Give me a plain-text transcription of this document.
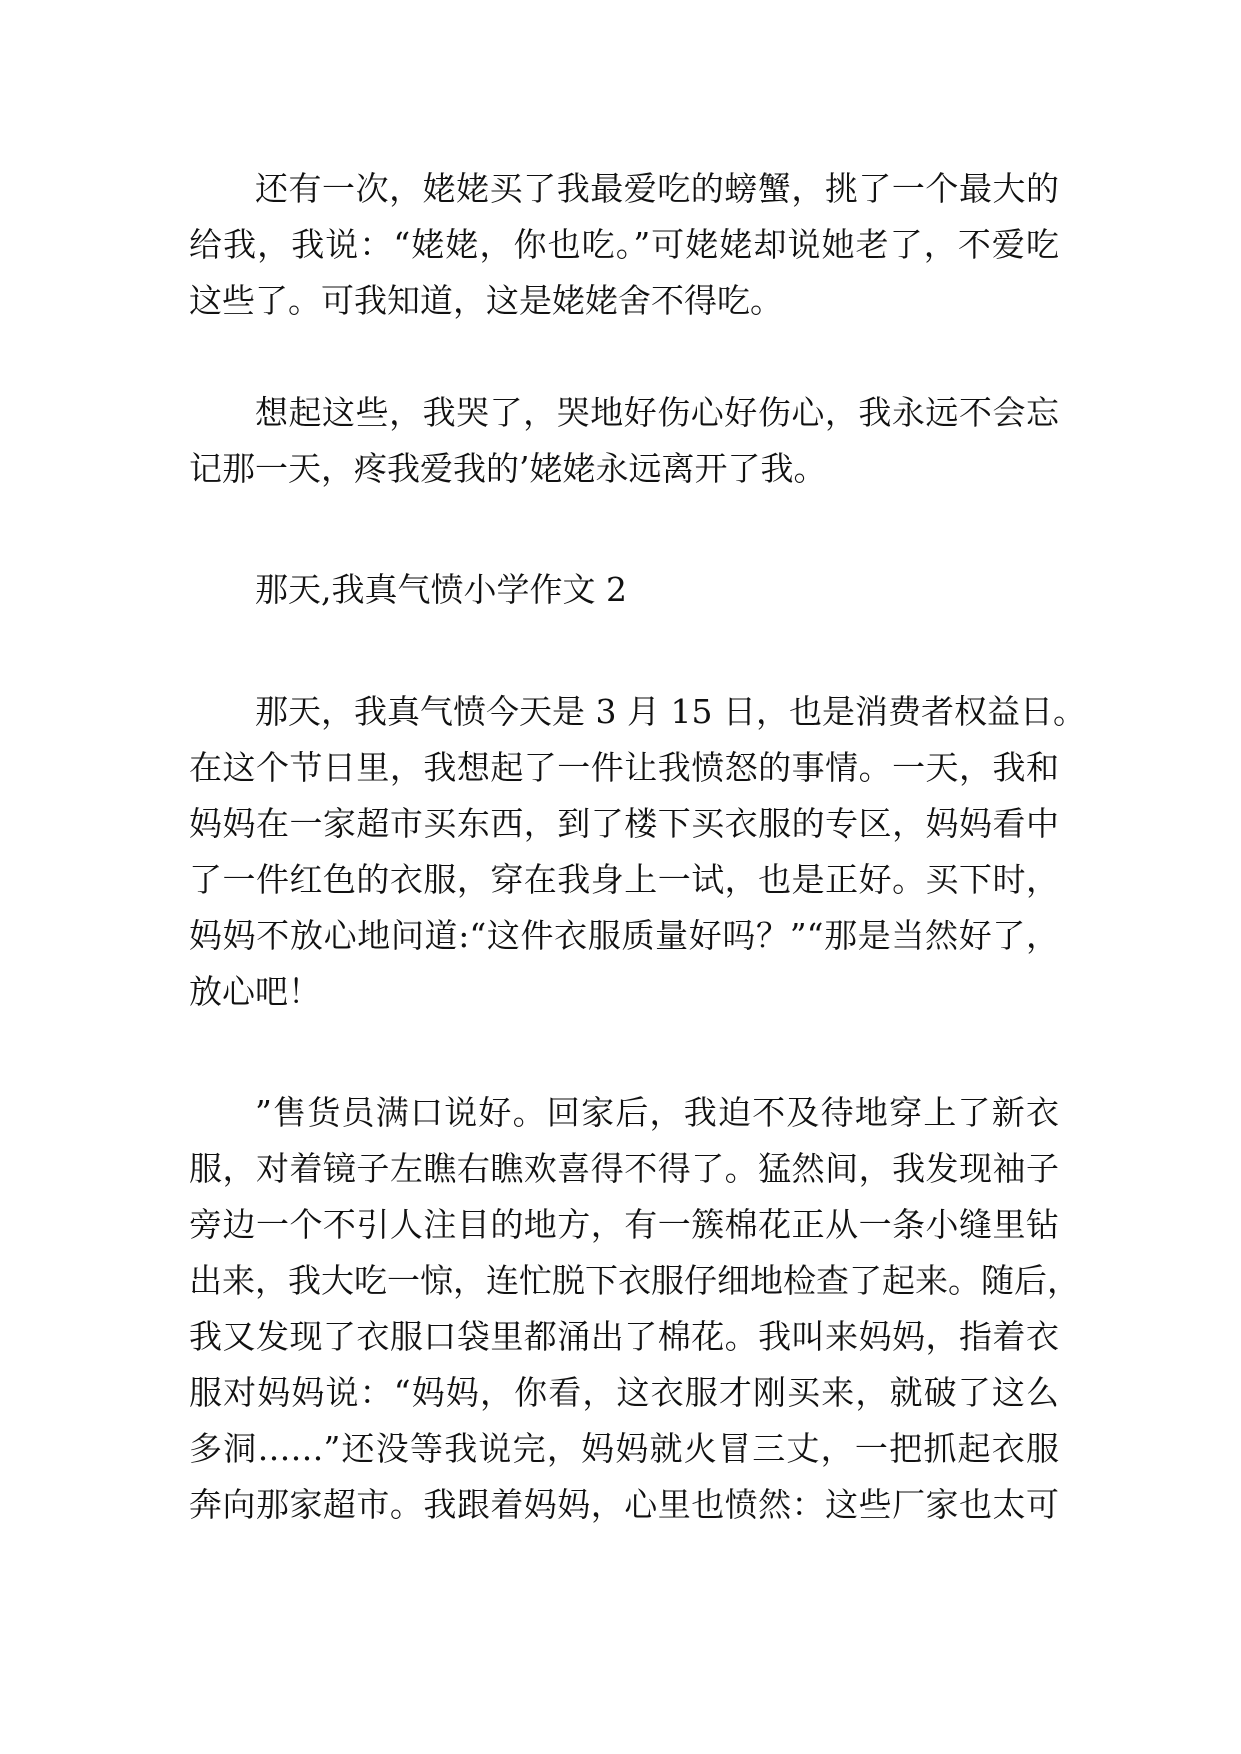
还有一次，姥姥买了我最爱吃的螃蟹，挑了一个最大的
给我，我说：“姥姥，你也吃。”可姥姥却说她老了，不爱吃
这些了。可我知道，这是姥姥舍不得吃。
想起这些，我哭了，哭地好伤心好伤心，我永远不会忘
记那一天，疼我爱我的’姥姥永远离开了我。
那天,我真气愤小学作文 2
那天，我真气愤今天是 3 月 15 日，也是消费者权益日。
在这个节日里，我想起了一件让我愤怒的事情。一天，我和
妈妈在一家超市买东西，到了楼下买衣服的专区，妈妈看中
了一件红色的衣服，穿在我身上一试，也是正好。买下时，
妈妈不放心地问道:“这件衣服质量好吗？”“那是当然好了，
放心吧！
”售货员满口说好。回家后，我迫不及待地穿上了新衣
服，对着镜子左瞧右瞧欢喜得不得了。猛然间，我发现袖子
旁边一个不引人注目的地方，有一簇棉花正从一条小缝里钻
出来，我大吃一惊，连忙脱下衣服仔细地检查了起来。随后，
我又发现了衣服口袋里都涌出了棉花。我叫来妈妈，指着衣
服对妈妈说：“妈妈，你看，这衣服才刚买来，就破了这么
多洞……”还没等我说完，妈妈就火冒三丈，一把抓起衣服
奔向那家超市。我跟着妈妈，心里也愤然：这些厂家也太可
